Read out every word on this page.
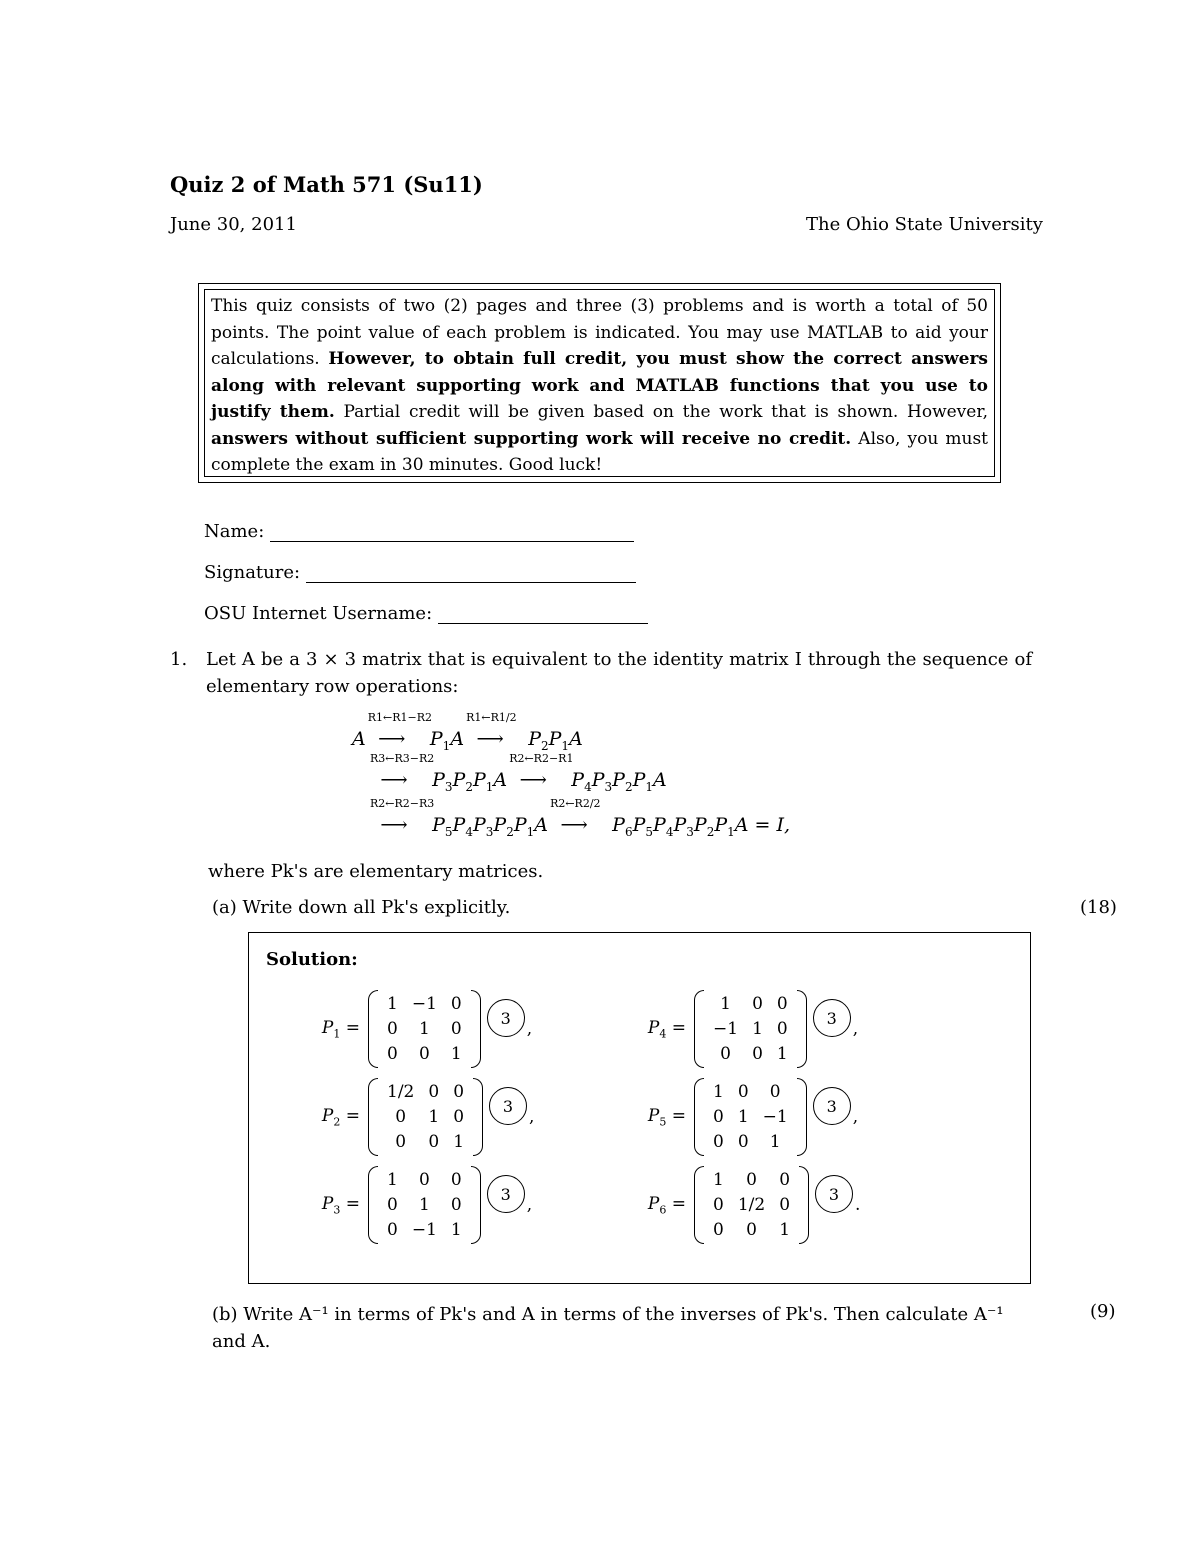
Quiz 2 of Math 571 (Su11)
June 30, 2011	The Ohio State University
This quiz consists of two (2) pages and three (3) problems and is worth a total of 50 points. The point value of each problem is indicated. You may use MATLAB to aid your calculations. However, to obtain full credit, you must show the correct answers along with relevant supporting work and MATLAB functions that you use to justify them. Partial credit will be given based on the work that is shown. However, answers without sufficient supporting work will receive no credit. Also, you must complete the exam in 30 minutes. Good luck!
Name:
Signature:
OSU Internet Username:
1. Let A be a 3 × 3 matrix that is equivalent to the identity matrix I through the sequence of elementary row operations:
A
R1←R1−R2
⟶   $P_1A$
R1←R1/2
⟶   $P_2P_1A$
R3←R3−R2
⟶   $P_3P_2P_1A$
R2←R2−R1
⟶   $P_4P_3P_2P_1A$
R2←R2−R3
⟶   $P_5P_4P_3P_2P_1A$
R2←R2/2
⟶   $P_6P_5P_4P_3P_2P_1A = I$,
where Pk's are elementary matrices.
(a) Write down all Pk's explicitly.	(18)
Solution:
$P_1$ =
1	−1	0
0	1	0
0	0	1
3
,
$P_2$ =
1/2	0	0
0	1	0
0	0	1
3
,
$P_3$ =
1	0	0
0	1	0
0	−1	1
3
,
$P_4$ =
1	0	0
−1	1	0
0	0	1
3
,
$P_5$ =
1	0	0
0	1	−1
0	0	1
3
,
$P_6$ =
1	0	0
0	1/2	0
0	0	1
3
.
(b) Write A⁻¹ in terms of Pk's and A in terms of the inverses of Pk's. Then calculate A⁻¹ and A.
(9)
